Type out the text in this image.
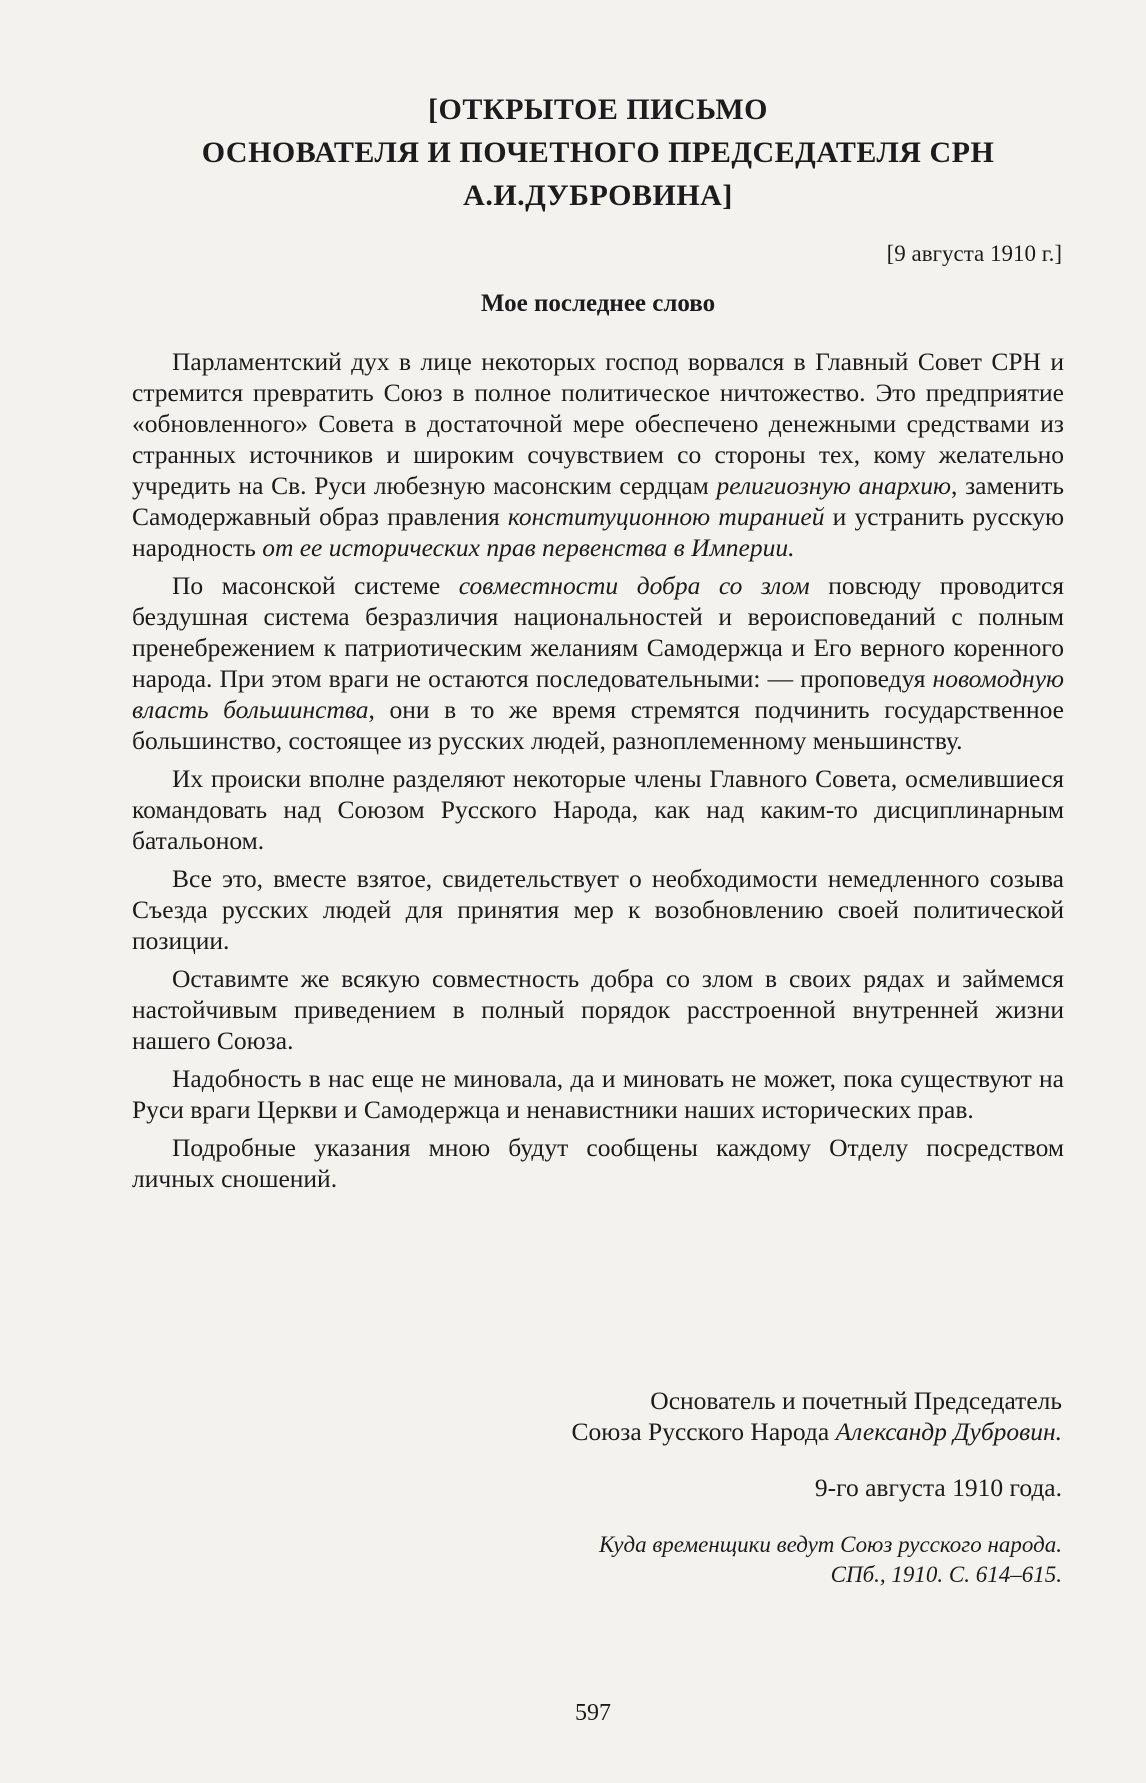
[ОТКРЫТОЕ ПИСЬМО
ОСНОВАТЕЛЯ И ПОЧЕТНОГО ПРЕДСЕДАТЕЛЯ СРН
А.И.ДУБРОВИНА]
[9 августа 1910 г.]
Мое последнее слово

Парламентский дух в лице некоторых господ ворвался в Главный Совет СРН и стремится превратить Союз в полное политическое ничтожество. Это предприятие «обновленного» Совета в достаточной мере обеспечено денежными средствами из странных источников и широким сочувствием со стороны тех, кому желательно учредить на Св. Руси любезную масонским сердцам религиозную анархию, заменить Самодержавный образ правления конституционною тиранией и устранить русскую народность от ее исторических прав первенства в Империи.

По масонской системе совместности добра со злом повсюду проводится бездушная система безразличия национальностей и вероисповеданий с полным пренебрежением к патриотическим желаниям Самодержца и Его верного коренного народа. При этом враги не остаются последовательными: — проповедуя новомодную власть большинства, они в то же время стремятся подчинить государственное большинство, состоящее из русских людей, разноплеменному меньшинству.

Их происки вполне разделяют некоторые члены Главного Совета, осмелившиеся командовать над Союзом Русского Народа, как над каким-то дисциплинарным батальоном.

Все это, вместе взятое, свидетельствует о необходимости немедленного созыва Съезда русских людей для принятия мер к возобновлению своей политической позиции.

Оставимте же всякую совместность добра со злом в своих рядах и займемся настойчивым приведением в полный порядок расстроенной внутренней жизни нашего Союза.

Надобность в нас еще не миновала, да и миновать не может, пока существуют на Руси враги Церкви и Самодержца и ненавистники наших исторических прав.

Подробные указания мною будут сообщены каждому Отделу посредством личных сношений.

Основатель и почетный Председатель
Союза Русского Народа Александр Дубровин.
9-го августа 1910 года.
Куда временщики ведут Союз русского народа.
СПб., 1910. С. 614–615.
597
